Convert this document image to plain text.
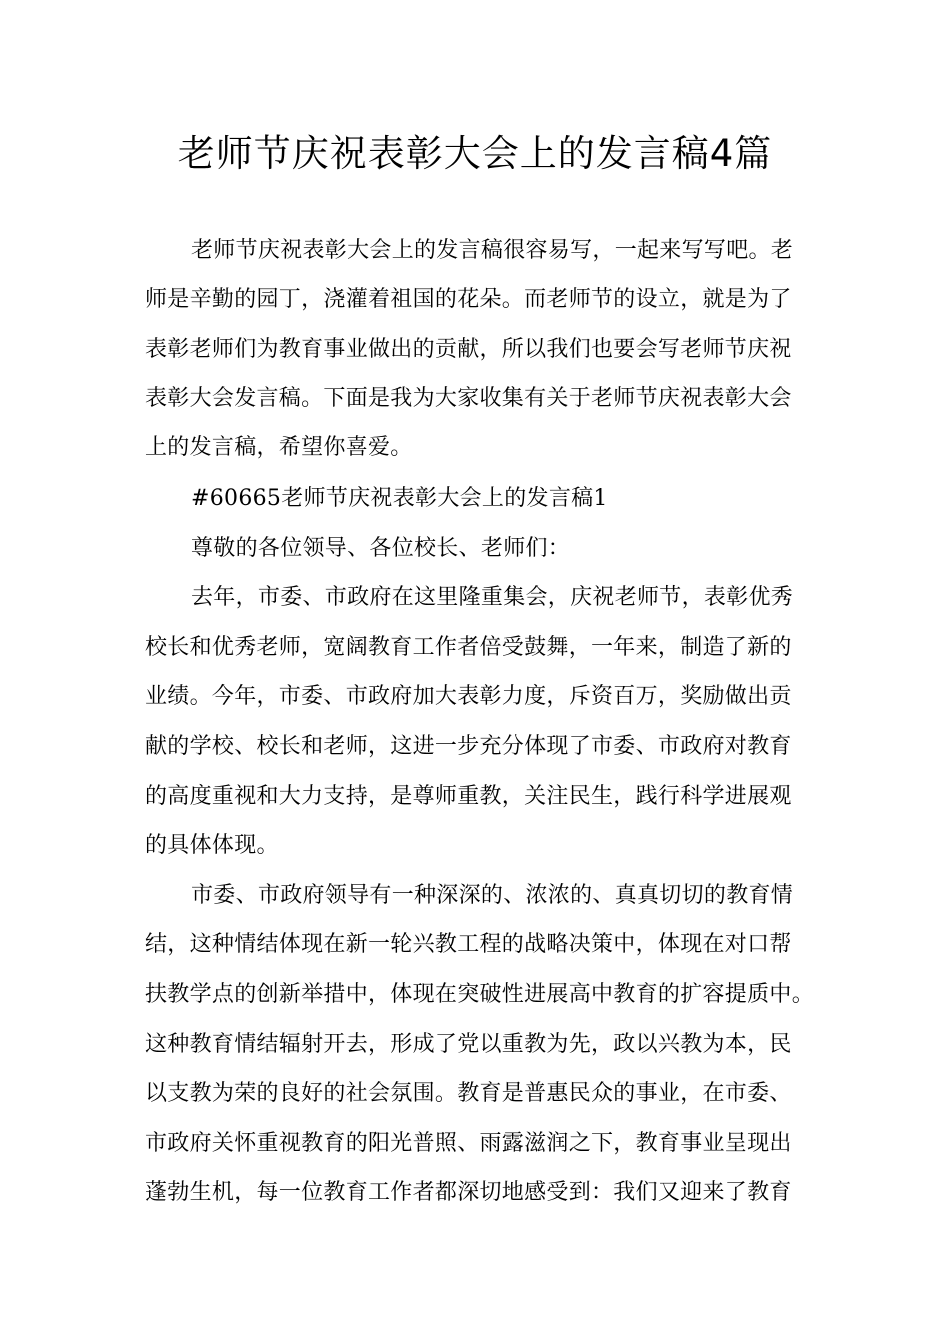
老师节庆祝表彰大会上的发言稿4篇
老师节庆祝表彰大会上的发言稿很容易写，一起来写写吧。老
师是辛勤的园丁，浇灌着祖国的花朵。而老师节的设立，就是为了
表彰老师们为教育事业做出的贡献，所以我们也要会写老师节庆祝
表彰大会发言稿。下面是我为大家收集有关于老师节庆祝表彰大会
上的发言稿，希望你喜爱。
#60665老师节庆祝表彰大会上的发言稿1
尊敬的各位领导、各位校长、老师们：
去年，市委、市政府在这里隆重集会，庆祝老师节，表彰优秀
校长和优秀老师，宽阔教育工作者倍受鼓舞，一年来，制造了新的
业绩。今年，市委、市政府加大表彰力度，斥资百万，奖励做出贡
献的学校、校长和老师，这进一步充分体现了市委、市政府对教育
的高度重视和大力支持，是尊师重教，关注民生，践行科学进展观
的具体体现。
市委、市政府领导有一种深深的、浓浓的、真真切切的教育情
结，这种情结体现在新一轮兴教工程的战略决策中，体现在对口帮
扶教学点的创新举措中，体现在突破性进展高中教育的扩容提质中。
这种教育情结辐射开去，形成了党以重教为先，政以兴教为本，民
以支教为荣的良好的社会氛围。教育是普惠民众的事业，在市委、
市政府关怀重视教育的阳光普照、雨露滋润之下，教育事业呈现出
蓬勃生机，每一位教育工作者都深切地感受到：我们又迎来了教育
